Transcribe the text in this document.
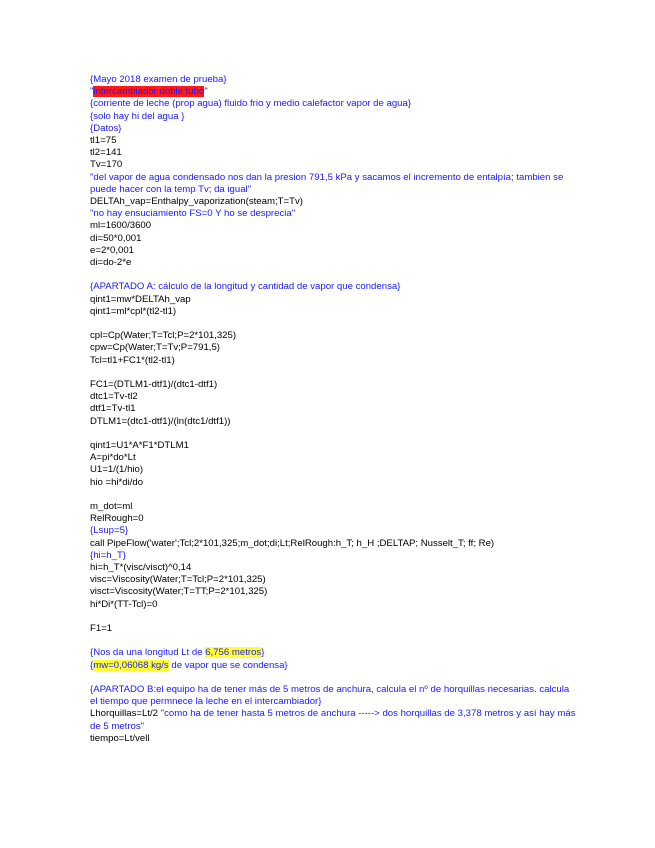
{Mayo 2018 examen de prueba}
"intercambiador doble tubo"
{corriente de leche (prop agua) fluido frio y medio calefactor vapor de agua}
{solo hay hi del agua }
{Datos}
tl1=75
tl2=141
Tv=170
"del vapor de agua condensado nos dan la presion 791,5 kPa y sacamos el incremento de entalpía; tambien se puede hacer con la temp Tv; da igual"
DELTAh_vap=Enthalpy_vaporization(steam;T=Tv)
"no hay ensuciamiento FS=0 Y ho se desprecia"
ml=1600/3600
di=50*0,001
e=2*0,001
di=do-2*e
{APARTADO A: cálculo de la longitud y cantidad de vapor que condensa}
qint1=mw*DELTAh_vap
qint1=ml*cpl*(tl2-tl1)
cpl=Cp(Water;T=Tcl;P=2*101,325)
cpw=Cp(Water;T=Tv;P=791,5)
Tcl=tl1+FC1*(tl2-tl1)
FC1=(DTLM1-dtf1)/(dtc1-dtf1)
dtc1=Tv-tl2
dtf1=Tv-tl1
DTLM1=(dtc1-dtf1)/(ln(dtc1/dtf1))
qint1=U1*A*F1*DTLM1
A=pi*do*Lt
U1=1/(1/hio)
hio =hi*di/do
m_dot=ml
RelRough=0
{Lsup=5}
call PipeFlow('water';Tcl;2*101,325;m_dot;di;Lt;RelRough:h_T; h_H ;DELTAP; Nusselt_T; ff; Re)
{hi=h_T}
hi=h_T*(visc/visct)^0,14
visc=Viscosity(Water;T=Tcl;P=2*101,325)
visct=Viscosity(Water;T=TT;P=2*101,325)
hi*Di*(TT-Tcl)=0
F1=1
{Nos da una longitud Lt de 6,756 metros}
{mw=0,06068 kg/s de vapor que se condensa}
{APARTADO B:el equipo ha de tener más de 5 metros de anchura, calcula el nº de horquillas necesarias. calcula
el tiempo que permnece la leche en el intercambiador}
Lhorquillas=Lt/2 "como ha de tener hasta 5 metros de anchura -----> dos horquillas de 3,378 metros y así hay más de 5 metros"
tiempo=Lt/vell
